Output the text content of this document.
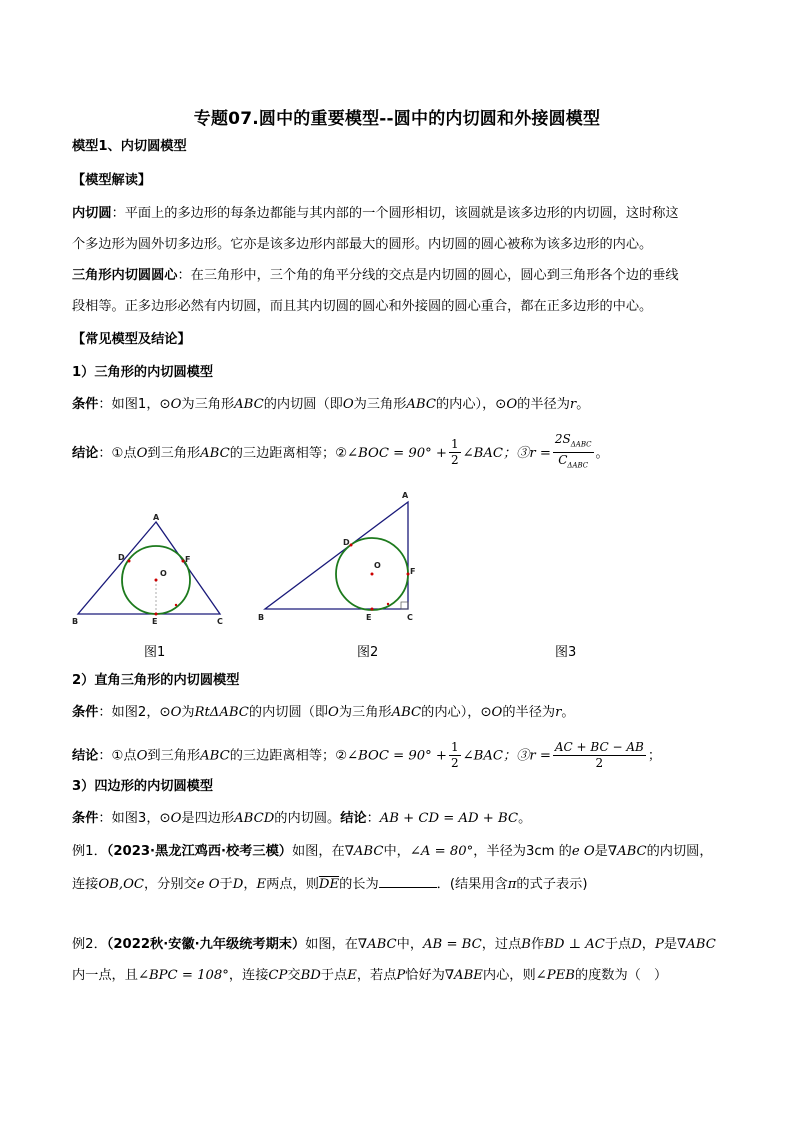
专题07.圆中的重要模型--圆中的内切圆和外接圆模型
模型1、内切圆模型
【模型解读】
内切圆：平面上的多边形的每条边都能与其内部的一个圆形相切，该圆就是该多边形的内切圆，这时称这
个多边形为圆外切多边形。它亦是该多边形内部最大的圆形。内切圆的圆心被称为该多边形的内心。
三角形内切圆圆心：在三角形中，三个角的角平分线的交点是内切圆的圆心，圆心到三角形各个边的垂线
段相等。正多边形必然有内切圆，而且其内切圆的圆心和外接圆的圆心重合，都在正多边形的中心。
【常见模型及结论】
1）三角形的内切圆模型
条件：如图1，⊙O为三角形ABC的内切圆（即O为三角形ABC的内心），⊙O的半径为r。
结论：①点O到三角形ABC的三边距离相等；②∠BOC = $90^\circ + \frac{1}{2}$ ∠BAC；③r = $\frac{2S_{\Delta ABC}}{C_{\Delta ABC}}$ 。
A
B	C
D	F
E
O
A
B	C
D
F
E
O
图1	图2	图3
2）直角三角形的内切圆模型
条件：如图2，⊙O为RtΔABC的内切圆（即O为三角形ABC的内心），⊙O的半径为r。
结论：①点O到三角形ABC的三边距离相等；②∠BOC = $90^\circ + \frac{1}{2}$ ∠BAC；③r = $\frac{AC + BC - AB}{2}$ ；
3）四边形的内切圆模型
条件：如图3，⊙O是四边形ABCD的内切圆。结论：AB + CD = AD + BC。
例1．（2023·黑龙江鸡西·校考三模）如图，在∇ABC中，∠A = 80°，半径为3cm 的e O是∇ABC的内切圆，
连接OB,OC，分别交e O于D，E两点，则$\overline{DE}$的长为	．(结果用含π的式子表示)
例2．（2022秋·安徽·九年级统考期末）如图，在∇ABC中，AB = BC，过点B作BD ⊥ AC于点D，P是∇ABC
内一点，且∠BPC = 108°，连接CP交BD于点E，若点P恰好为∇ABE内心，则∠PEB的度数为（　）
